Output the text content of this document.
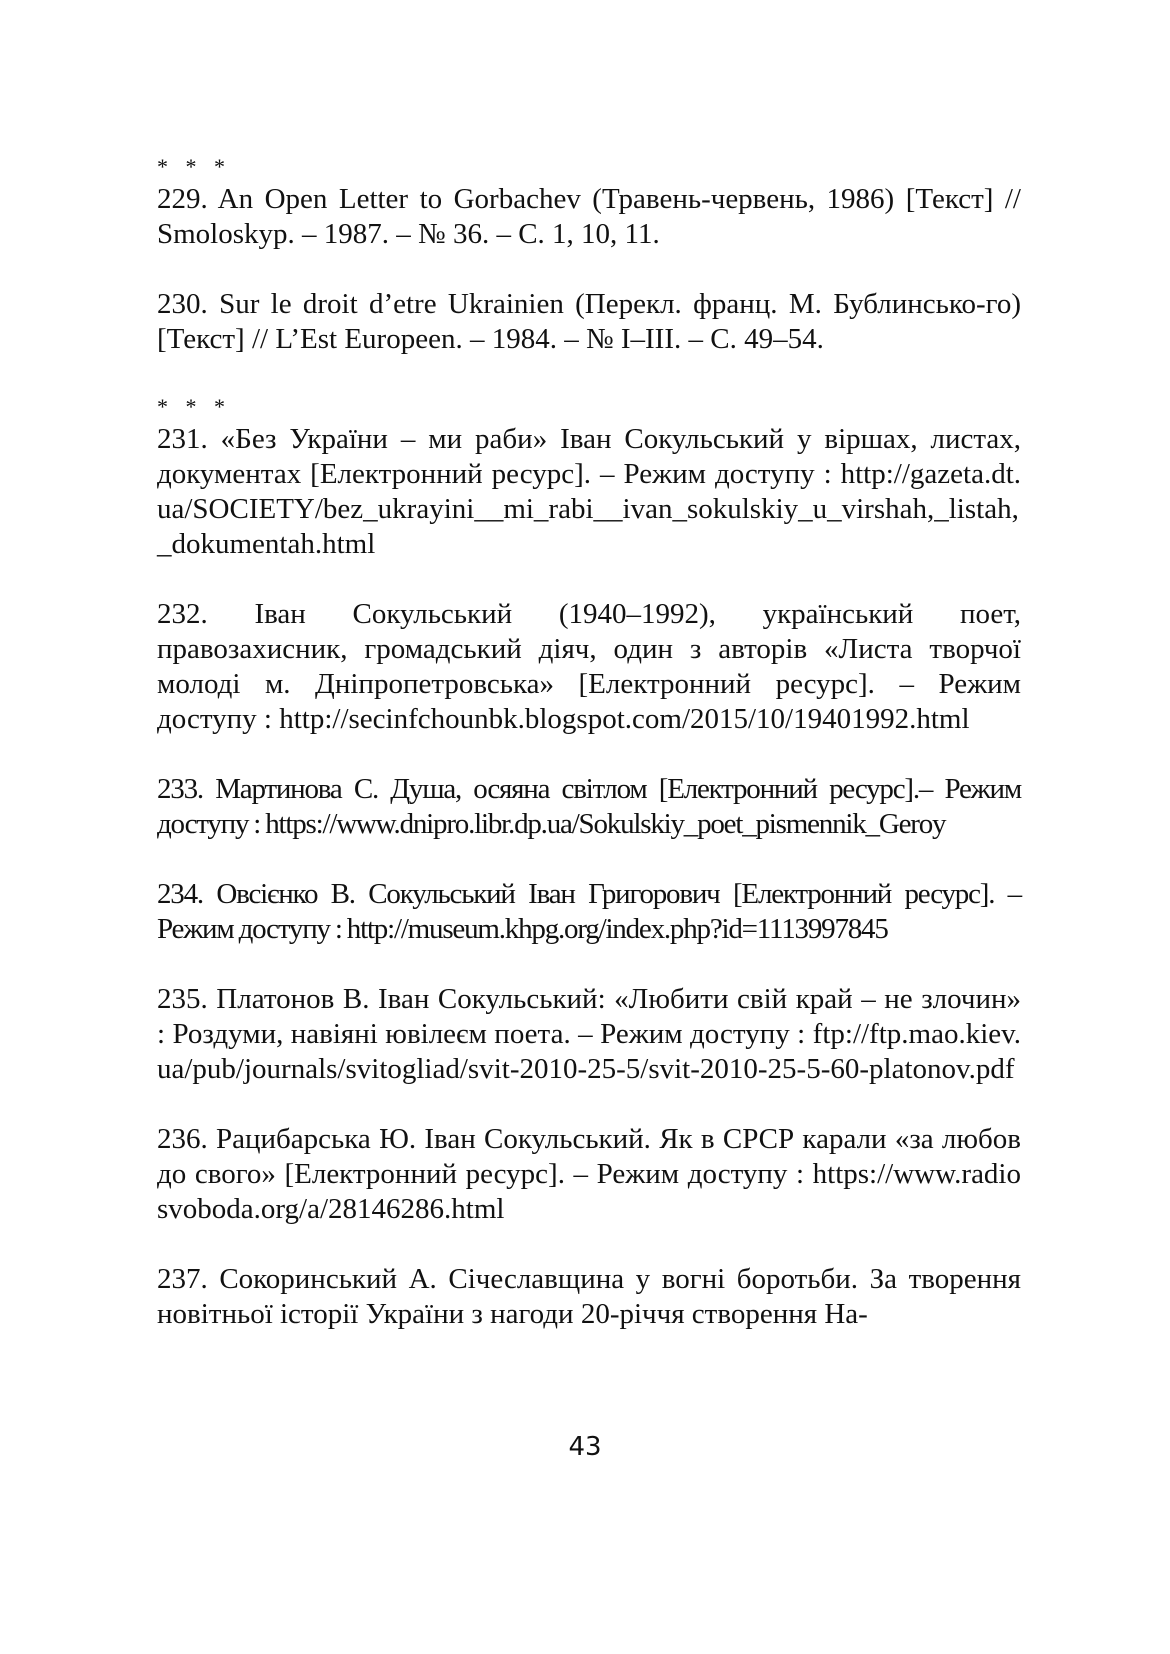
* * *

229. An Open Letter to Gorbachev (Травень-червень, 1986) [Текст] // Smoloskyp. – 1987. – № 36. – С. 1, 10, 11.

230. Sur le droit d’etre Ukrainien (Перекл. франц. М. Бублинсько-го) [Текст] // L’Est Europeen. – 1984. – № I–III. – С. 49–54.

* * *

231. «Без України – ми раби» Іван Сокульський у віршах, листах, документах [Електронний ресурс]. – Режим доступу : http://gazeta.dt.ua/SOCIETY/bez_ukrayini__mi_rabi__ivan_sokulskiy_u_virshah,_listah,_dokumentah.html

232. Іван Сокульський (1940–1992), український поет, правозахисник, громадський діяч, один з авторів «Листа творчої молоді м. Дніпропетровська» [Електронний ресурс]. – Режим доступу : http://secinfchounbk.blogspot.com/2015/10/19401992.html

233. Мартинова С. Душа, осяяна світлом [Електронний ресурс].– Режим доступу : https://www.dnipro.libr.dp.ua/Sokulskiy_poet_pismennik_Geroy

234. Овсієнко В. Сокульський Іван Григорович [Електронний ресурс]. – Режим доступу : http://museum.khpg.org/index.php?id=1113997845

235. Платонов В. Іван Сокульський: «Любити свій край – не злочин» : Роздуми, навіяні ювілеєм поета. – Режим доступу : ftp://ftp.mao.kiev.ua/pub/journals/svitogliad/svit-2010-25-5/svit-2010-25-5-60-platonov.pdf

236. Рацибарська Ю. Іван Сокульський. Як в СРСР карали «за любов до свого» [Електронний ресурс]. – Режим доступу : https://www.radiosvoboda.org/a/28146286.html

237. Сокоринський А. Січеславщина у вогні боротьби. За творення новітньої історії України з нагоди 20-річчя створення На-

43
